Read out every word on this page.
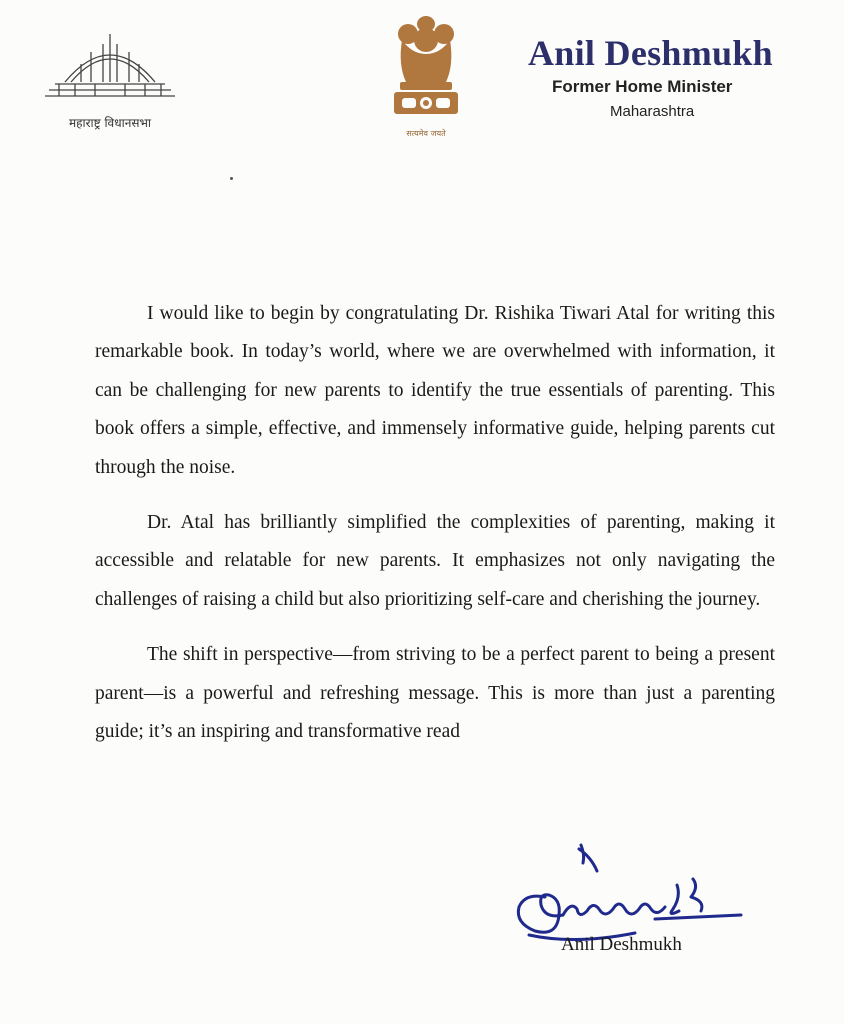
महाराष्ट्र विधानसभा
सत्यमेव जयते
Anil Deshmukh
Former Home Minister
Maharashtra

I would like to begin by congratulating Dr. Rishika Tiwari Atal for writing this remarkable book. In today’s world, where we are overwhelmed with information, it can be challenging for new parents to identify the true essentials of parenting. This book offers a simple, effective, and immensely informative guide, helping parents cut through the noise.

Dr. Atal has brilliantly simplified the complexities of parenting, making it accessible and relatable for new parents. It emphasizes not only navigating the challenges of raising a child but also prioritizing self-care and cherishing the journey.

The shift in perspective—from striving to be a perfect parent to being a present parent—is a powerful and refreshing message. This is more than just a parenting guide; it’s an inspiring and transformative read

Anil Deshmukh
